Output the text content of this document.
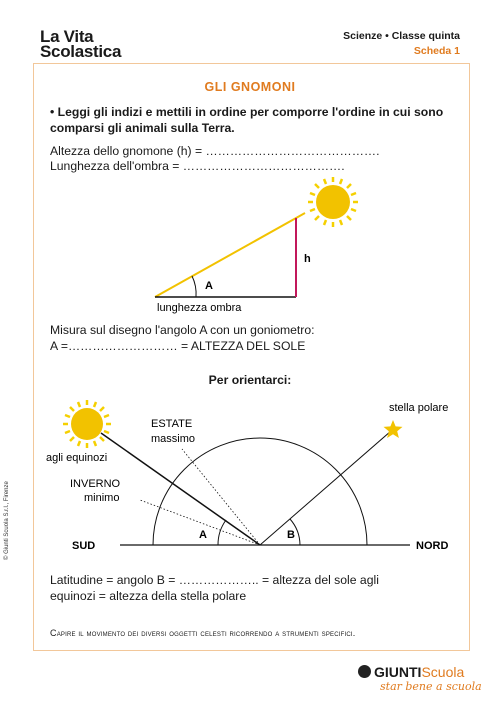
La Vita
Scolastica
Scienze • Classe quinta
Scheda 1
GLI GNOMONI
• Leggi gli indizi e mettili in ordine per comporre l'ordine in cui sono comparsi gli animali sulla Terra.
Altezza dello gnomone (h) = …………………………………….
Lunghezza dell'ombra = ………………………………….
h
A
lunghezza ombra
stella polare
ESTATE
massimo
agli equinozi
INVERNO
minimo
A	B
SUD	NORD
Misura sul disegno l'angolo A con un goniometro:
A =……………………… = ALTEZZA DEL SOLE
Per orientarci:
Latitudine = angolo B = ……………….. = altezza del sole agli
equinozi = altezza della stella polare
Capire il movimento dei diversi oggetti celesti ricorrendo a strumenti specifici.
© Giunti Scuola S.r.l., Firenze
GIUNTIScuola
star bene a scuola
